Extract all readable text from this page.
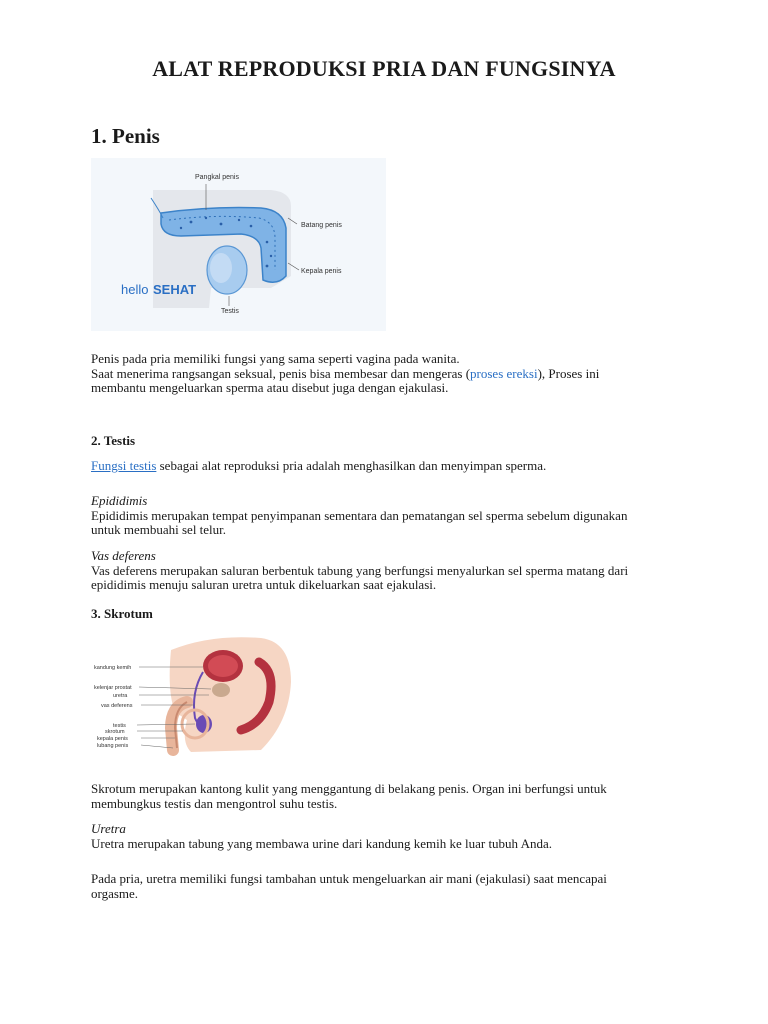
ALAT REPRODUKSI PRIA DAN FUNGSINYA
1. Penis
Pangkal penis
Batang penis
Kepala penis
Testis
hello SEHAT
Penis pada pria memiliki fungsi yang sama seperti vagina pada wanita.
Saat menerima rangsangan seksual, penis bisa membesar dan mengeras (proses ereksi), Proses ini
membantu mengeluarkan sperma atau disebut juga dengan ejakulasi.
2. Testis
Fungsi testis sebagai alat reproduksi pria adalah menghasilkan dan menyimpan sperma.
Epididimis
Epididimis merupakan tempat penyimpanan sementara dan pematangan sel sperma sebelum digunakan
untuk membuahi sel telur.
Vas deferens
Vas deferens merupakan saluran berbentuk tabung yang berfungsi menyalurkan sel sperma matang dari
epididimis menuju saluran uretra untuk dikeluarkan saat ejakulasi.
3. Skrotum
kandung kemih
kelenjar prostat
uretra
vas deferens
testis
skrotum
kepala penis
lubang penis
Skrotum merupakan kantong kulit yang menggantung di belakang penis. Organ ini berfungsi untuk
membungkus testis dan mengontrol suhu testis.
Uretra
Uretra merupakan tabung yang membawa urine dari kandung kemih ke luar tubuh Anda.
Pada pria, uretra memiliki fungsi tambahan untuk mengeluarkan air mani (ejakulasi) saat mencapai
orgasme.
